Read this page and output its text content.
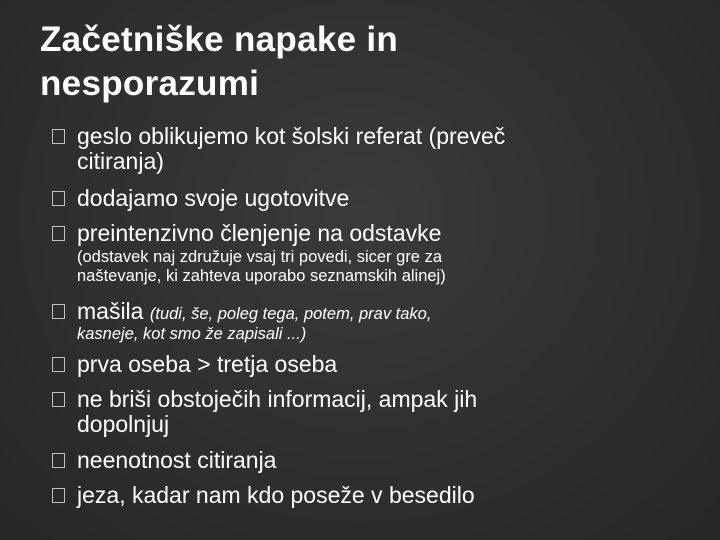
Začetniške napake in
nesporazumi
geslo oblikujemo kot šolski referat (preveč
citiranja)
dodajamo svoje ugotovitve
preintenzivno členjenje na odstavke
(odstavek naj združuje vsaj tri povedi, sicer gre za
naštevanje, ki zahteva uporabo seznamskih alinej)
mašila (tudi, še, poleg tega, potem, prav tako,
kasneje, kot smo že zapisali ...)
prva oseba > tretja oseba
ne briši obstoječih informacij, ampak jih
dopolnjuj
neenotnost citiranja
jeza, kadar nam kdo poseže v besedilo
